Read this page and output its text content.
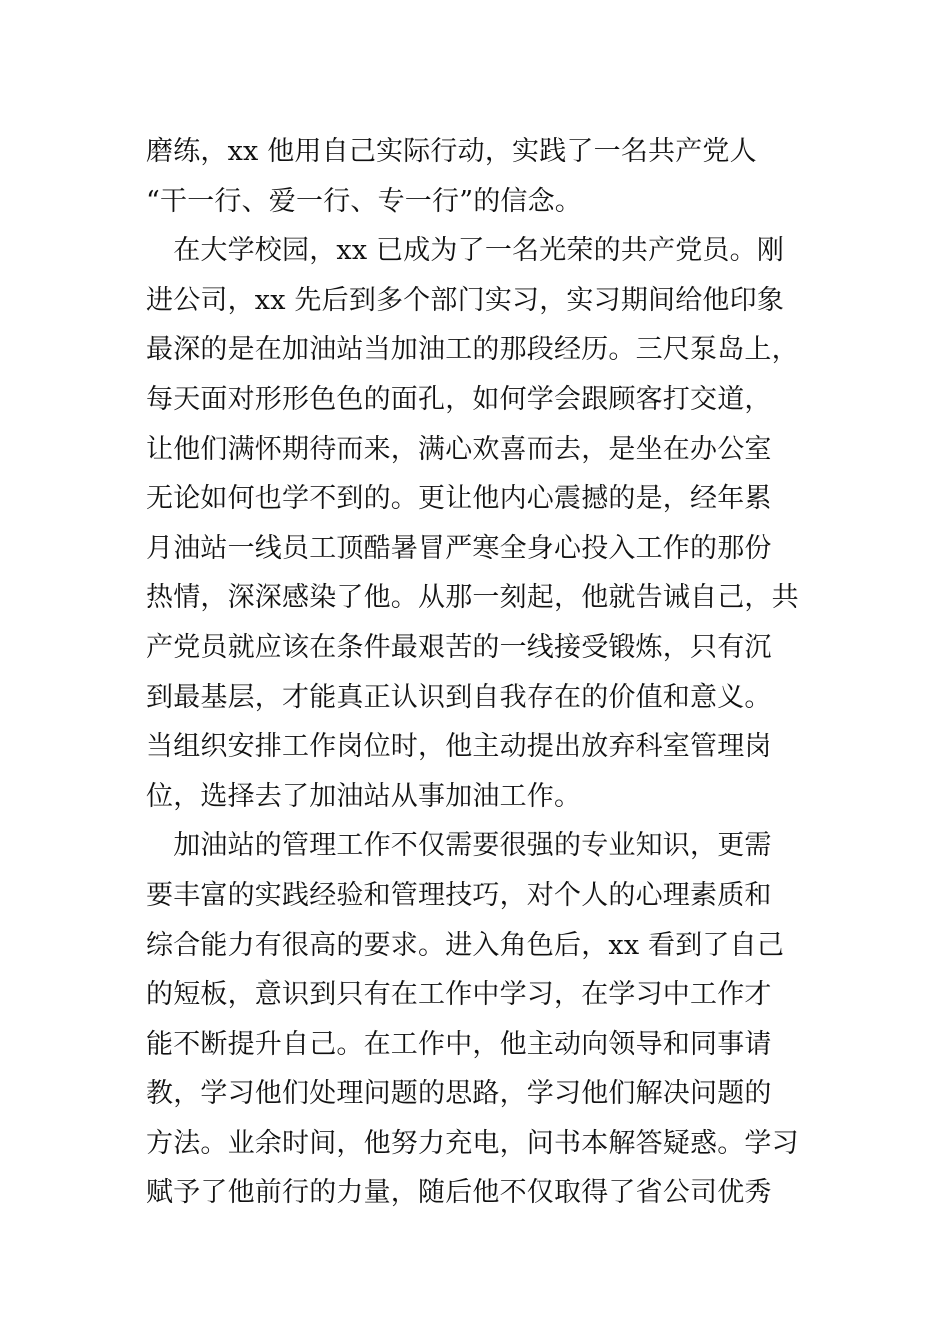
磨练，xx 他用自己实际行动，实践了一名共产党人
“干一行、爱一行、专一行”的信念。
　在大学校园，xx 已成为了一名光荣的共产党员。刚
进公司，xx 先后到多个部门实习，实习期间给他印象
最深的是在加油站当加油工的那段经历。三尺泵岛上，
每天面对形形色色的面孔，如何学会跟顾客打交道，
让他们满怀期待而来，满心欢喜而去，是坐在办公室
无论如何也学不到的。更让他内心震撼的是，经年累
月油站一线员工顶酷暑冒严寒全身心投入工作的那份
热情，深深感染了他。从那一刻起，他就告诫自己，共
产党员就应该在条件最艰苦的一线接受锻炼，只有沉
到最基层，才能真正认识到自我存在的价值和意义。
当组织安排工作岗位时，他主动提出放弃科室管理岗
位，选择去了加油站从事加油工作。
　加油站的管理工作不仅需要很强的专业知识，更需
要丰富的实践经验和管理技巧，对个人的心理素质和
综合能力有很高的要求。进入角色后，xx 看到了自己
的短板，意识到只有在工作中学习，在学习中工作才
能不断提升自己。在工作中，他主动向领导和同事请
教，学习他们处理问题的思路，学习他们解决问题的
方法。业余时间，他努力充电，问书本解答疑惑。学习
赋予了他前行的力量，随后他不仅取得了省公司优秀
